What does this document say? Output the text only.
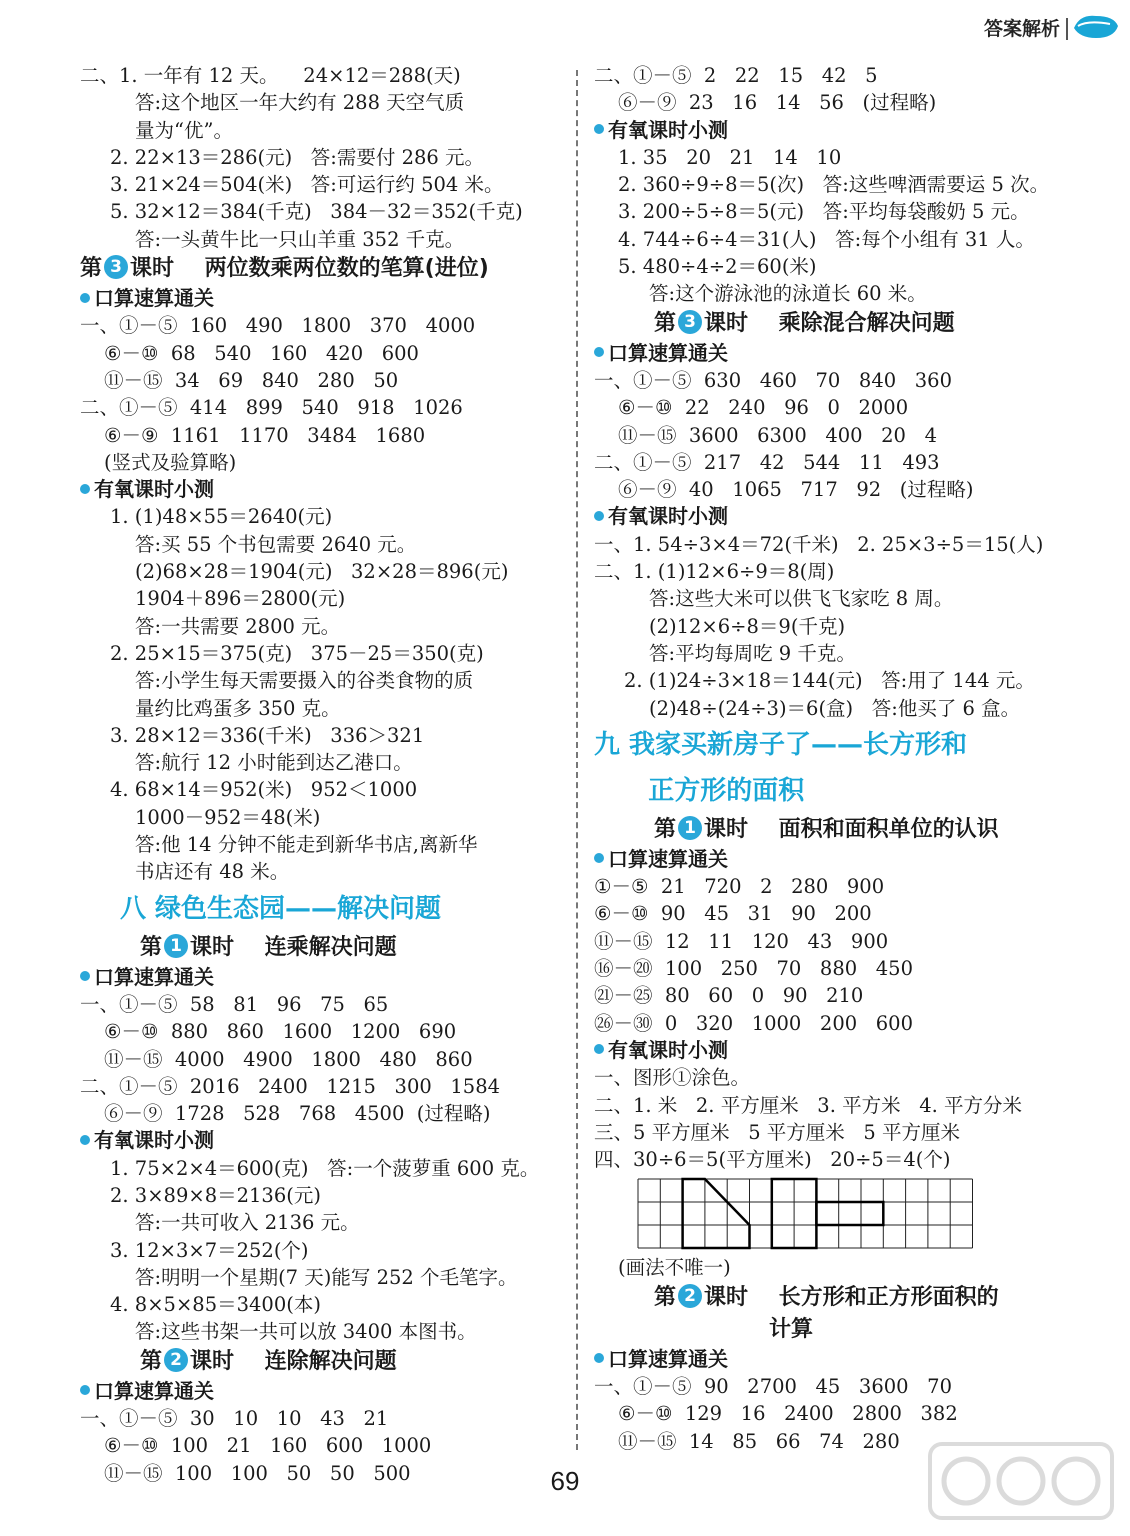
答案解析
二、1. 一年有 12 天。    24×12＝288(天)
答:这个地区一年大约有 288 天空气质
量为“优”。
2. 22×13＝286(元)   答:需要付 286 元。
3. 21×24＝504(米)   答:可运行约 504 米。
5. 32×12＝384(千克)   384－32＝352(千克)
答:一头黄牛比一只山羊重 352 千克。
第 3 课时    两位数乘两位数的笔算(进位)
口算速算通关
一、①－⑤  160   490   1800   370   4000
⑥－⑩  68   540   160   420   600
⑪－⑮  34   69   840   280   50
二、①－⑤  414   899   540   918   1026
⑥－⑨  1161   1170   3484   1680
(竖式及验算略)
有氧课时小测
1. (1)48×55＝2640(元)
答:买 55 个书包需要 2640 元。
(2)68×28＝1904(元)   32×28＝896(元)
1904＋896＝2800(元)
答:一共需要 2800 元。
2. 25×15＝375(克)   375－25＝350(克)
答:小学生每天需要摄入的谷类食物的质
量约比鸡蛋多 350 克。
3. 28×12＝336(千米)   336＞321
答:航行 12 小时能到达乙港口。
4. 68×14＝952(米)   952＜1000
1000－952＝48(米)
答:他 14 分钟不能走到新华书店,离新华
书店还有 48 米。
八 绿色生态园——解决问题
第 1 课时    连乘解决问题
口算速算通关
一、①－⑤  58   81   96   75   65
⑥－⑩  880   860   1600   1200   690
⑪－⑮  4000   4900   1800   480   860
二、①－⑤  2016   2400   1215   300   1584
⑥－⑨  1728   528   768   4500  (过程略)
有氧课时小测
1. 75×2×4＝600(克)   答:一个菠萝重 600 克。
2. 3×89×8＝2136(元)
答:一共可收入 2136 元。
3. 12×3×7＝252(个)
答:明明一个星期(7 天)能写 252 个毛笔字。
4. 8×5×85＝3400(本)
答:这些书架一共可以放 3400 本图书。
第 2 课时    连除解决问题
口算速算通关
一、①－⑤  30   10   10   43   21
⑥－⑩  100   21   160   600   1000
⑪－⑮  100   100   50   50   500
二、①－⑤  2   22   15   42   5
⑥－⑨  23   16   14   56   (过程略)
有氧课时小测
1. 35   20   21   14   10
2. 360÷9÷8＝5(次)   答:这些啤酒需要运 5 次。
3. 200÷5÷8＝5(元)   答:平均每袋酸奶 5 元。
4. 744÷6÷4＝31(人)   答:每个小组有 31 人。
5. 480÷4÷2＝60(米)
答:这个游泳池的泳道长 60 米。
第 3 课时    乘除混合解决问题
口算速算通关
一、①－⑤  630   460   70   840   360
⑥－⑩  22   240   96   0   2000
⑪－⑮  3600   6300   400   20   4
二、①－⑤  217   42   544   11   493
⑥－⑨  40   1065   717   92   (过程略)
有氧课时小测
一、1. 54÷3×4＝72(千米)   2. 25×3÷5＝15(人)
二、1. (1)12×6÷9＝8(周)
答:这些大米可以供飞飞家吃 8 周。
(2)12×6÷8＝9(千克)
答:平均每周吃 9 千克。
2. (1)24÷3×18＝144(元)   答:用了 144 元。
(2)48÷(24÷3)＝6(盒)   答:他买了 6 盒。
九 我家买新房子了——长方形和
正方形的面积
第 1 课时    面积和面积单位的认识
口算速算通关
①－⑤  21   720   2   280   900
⑥－⑩  90   45   31   90   200
⑪－⑮  12   11   120   43   900
⑯－⑳  100   250   70   880   450
㉑－㉕  80   60   0   90   210
㉖－㉚  0   320   1000   200   600
有氧课时小测
一、图形①涂色。
二、1. 米   2. 平方厘米   3. 平方米   4. 平方分米
三、5 平方厘米   5 平方厘米   5 平方厘米
四、30÷6＝5(平方厘米)   20÷5＝4(个)
(画法不唯一)
第 2 课时    长方形和正方形面积的
计算
口算速算通关
一、①－⑤  90   2700   45   3600   70
⑥－⑩  129   16   2400   2800   382
⑪－⑮  14   85   66   74   280
69
